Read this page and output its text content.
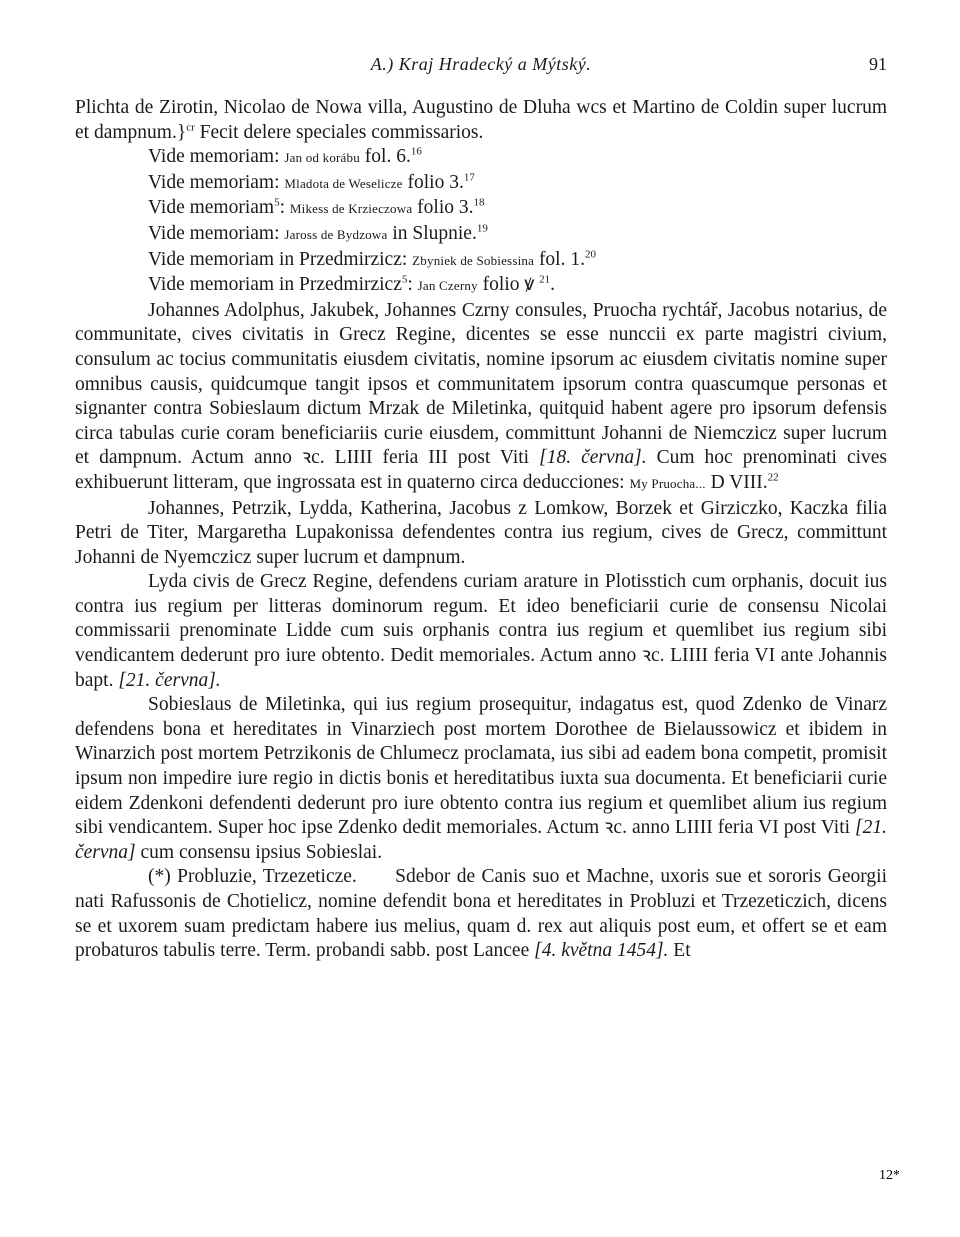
A.) Kraj Hradecký a Mýtský.	91

Plichta de Zirotin, Nicolao de Nowa villa, Augustino de Dluha wcs et Martino de Coldin super lucrum et dampnum.}$^{cr}$ Fecit delere speciales commissarios.

Vide memoriam: Jan od korábu fol. 6.16

Vide memoriam: Mladota de Weselicze folio 3.17

Vide memoriam$^5$: Mikess de Krzieczowa folio 3.18

Vide memoriam: Jaross de Bydzowa in Slupnie.$^{19}$

Vide memoriam in Przedmirzicz: Zbyniek de Sobiessina fol. 1.20

Vide memoriam in Przedmirzicz$^5$: Jan Czerny folio ꝟ $^{21}$.

Johannes Adolphus, Jakubek, Johannes Czrny consules, Pruocha rychtář, Jacobus notarius, de communitate, cives civitatis in Grecz Regine, dicentes se esse nunccii ex parte magistri civium, consulum ac tocius communitatis eiusdem civitatis, nomine ipsorum ac eiusdem civitatis nomine super omnibus causis, quidcumque tangit ipsos et communitatem ipsorum contra quascumque personas et signanter contra Sobieslaum dictum Mrzak de Miletinka, quitquid habent agere pro ipsorum defensis circa tabulas curie coram beneficiariis curie eiusdem, committunt Johanni de Niemczicz super lucrum et dampnum. Actum anno ꝛc. LIIII feria III post Viti [18. června]. Cum hoc prenominati cives exhibuerunt litteram, que ingrossata est in quaterno circa deducciones: My Pruocha... D VIII.$^{22}$

Johannes, Petrzik, Lydda, Katherina, Jacobus z Lomkow, Borzek et Girziczko, Kaczka filia Petri de Titer, Margaretha Lupakonissa defendentes contra ius regium, cives de Grecz, committunt Johanni de Nyemczicz super lucrum et dampnum.

Lyda civis de Grecz Regine, defendens curiam arature in Plotisstich cum orphanis, docuit ius contra ius regium per litteras dominorum regum. Et ideo beneficiarii curie de consensu Nicolai commissarii prenominate Lidde cum suis orphanis contra ius regium et quemlibet ius regium sibi vendicantem dederunt pro iure obtento. Dedit memoriales. Actum anno ꝛc. LIIII feria VI ante Johannis bapt. [21. června].

Sobieslaus de Miletinka, qui ius regium prosequitur, indagatus est, quod Zdenko de Vinarz defendens bona et hereditates in Vinarziech post mortem Dorothee de Bielaussowicz et ibidem in Winarzich post mortem Petrzikonis de Chlumecz proclamata, ius sibi ad eadem bona competit, promisit ipsum non impedire iure regio in dictis bonis et hereditatibus iuxta sua documenta. Et beneficiarii curie eidem Zdenkoni defendenti dederunt pro iure obtento contra ius regium et quemlibet alium ius regium sibi vendicantem. Super hoc ipse Zdenko dedit memoriales. Actum ꝛc. anno LIIII feria VI post Viti [21. června] cum consensu ipsius Sobieslai.

(*) Probluzie, Trzezeticze.      Sdebor de Canis suo et Machne, uxoris sue et sororis Georgii nati Rafussonis de Chotielicz, nomine defendit bona et hereditates in Probluzi et Trzezeticzich, dicens se et uxorem suam predictam habere ius melius, quam d. rex aut aliquis post eum, et offert se et eam probaturos tabulis terre. Term. probandi sabb. post Lancee [4. května 1454]. Et

12*
